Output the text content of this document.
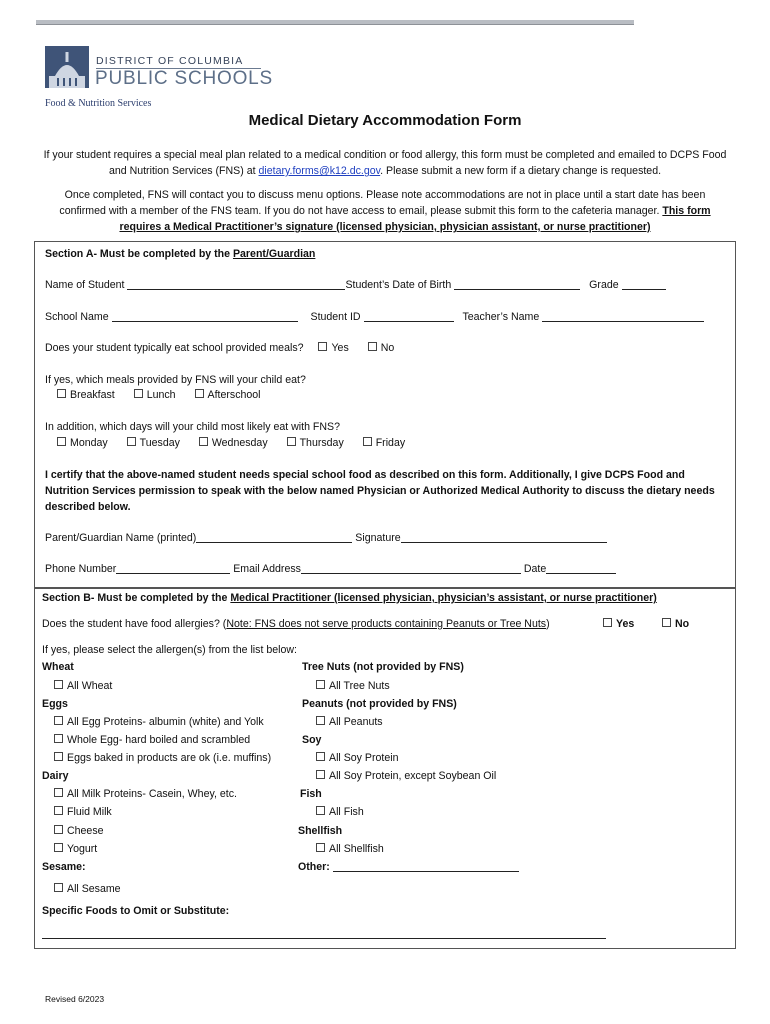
DISTRICT OF COLUMBIA
PUBLIC SCHOOLS
Food & Nutrition Services
Medical Dietary Accommodation Form
If your student requires a special meal plan related to a medical condition or food allergy, this form must be completed and emailed to DCPS Food and Nutrition Services (FNS) at dietary.forms@k12.dc.gov. Please submit a new form if a dietary change is requested.
Once completed, FNS will contact you to discuss menu options. Please note accommodations are not in place until a start date has been confirmed with a member of the FNS team. If you do not have access to email, please submit this form to the cafeteria manager. This form requires a Medical Practitioner’s signature (licensed physician, physician assistant, or nurse practitioner)
Section A- Must be completed by the Parent/Guardian
Name of Student	Student’s Date of Birth	Grade
School Name	Student ID	Teacher’s Name
Does your student typically eat school provided meals?	Yes	No
If yes, which meals provided by FNS will your child eat?
Breakfast	Lunch	Afterschool
In addition, which days will your child most likely eat with FNS?
Monday	Tuesday	Wednesday	Thursday	Friday
I certify that the above-named student needs special school food as described on this form. Additionally, I give DCPS Food and Nutrition Services permission to speak with the below named Physician or Authorized Medical Authority to discuss the dietary needs described below.
Parent/Guardian Name (printed)	Signature
Phone Number	Email Address	Date
Section B- Must be completed by the Medical Practitioner (licensed physician, physician’s assistant, or nurse practitioner)
Does the student have food allergies? (Note: FNS does not serve products containing Peanuts or Tree Nuts)	Yes	No
If yes, please select the allergen(s) from the list below:
Wheat
All Wheat
Eggs
All Egg Proteins- albumin (white) and Yolk
Whole Egg- hard boiled and scrambled
Eggs baked in products are ok (i.e. muffins)
Dairy
All Milk Proteins- Casein, Whey, etc.
Fluid Milk
Cheese
Yogurt
Sesame:
All Sesame
Tree Nuts (not provided by FNS)
All Tree Nuts
Peanuts (not provided by FNS)
All Peanuts
Soy
All Soy Protein
All Soy Protein, except Soybean Oil
Fish
All Fish
Shellfish
All Shellfish
Other:
Specific Foods to Omit or Substitute:
Revised 6/2023
